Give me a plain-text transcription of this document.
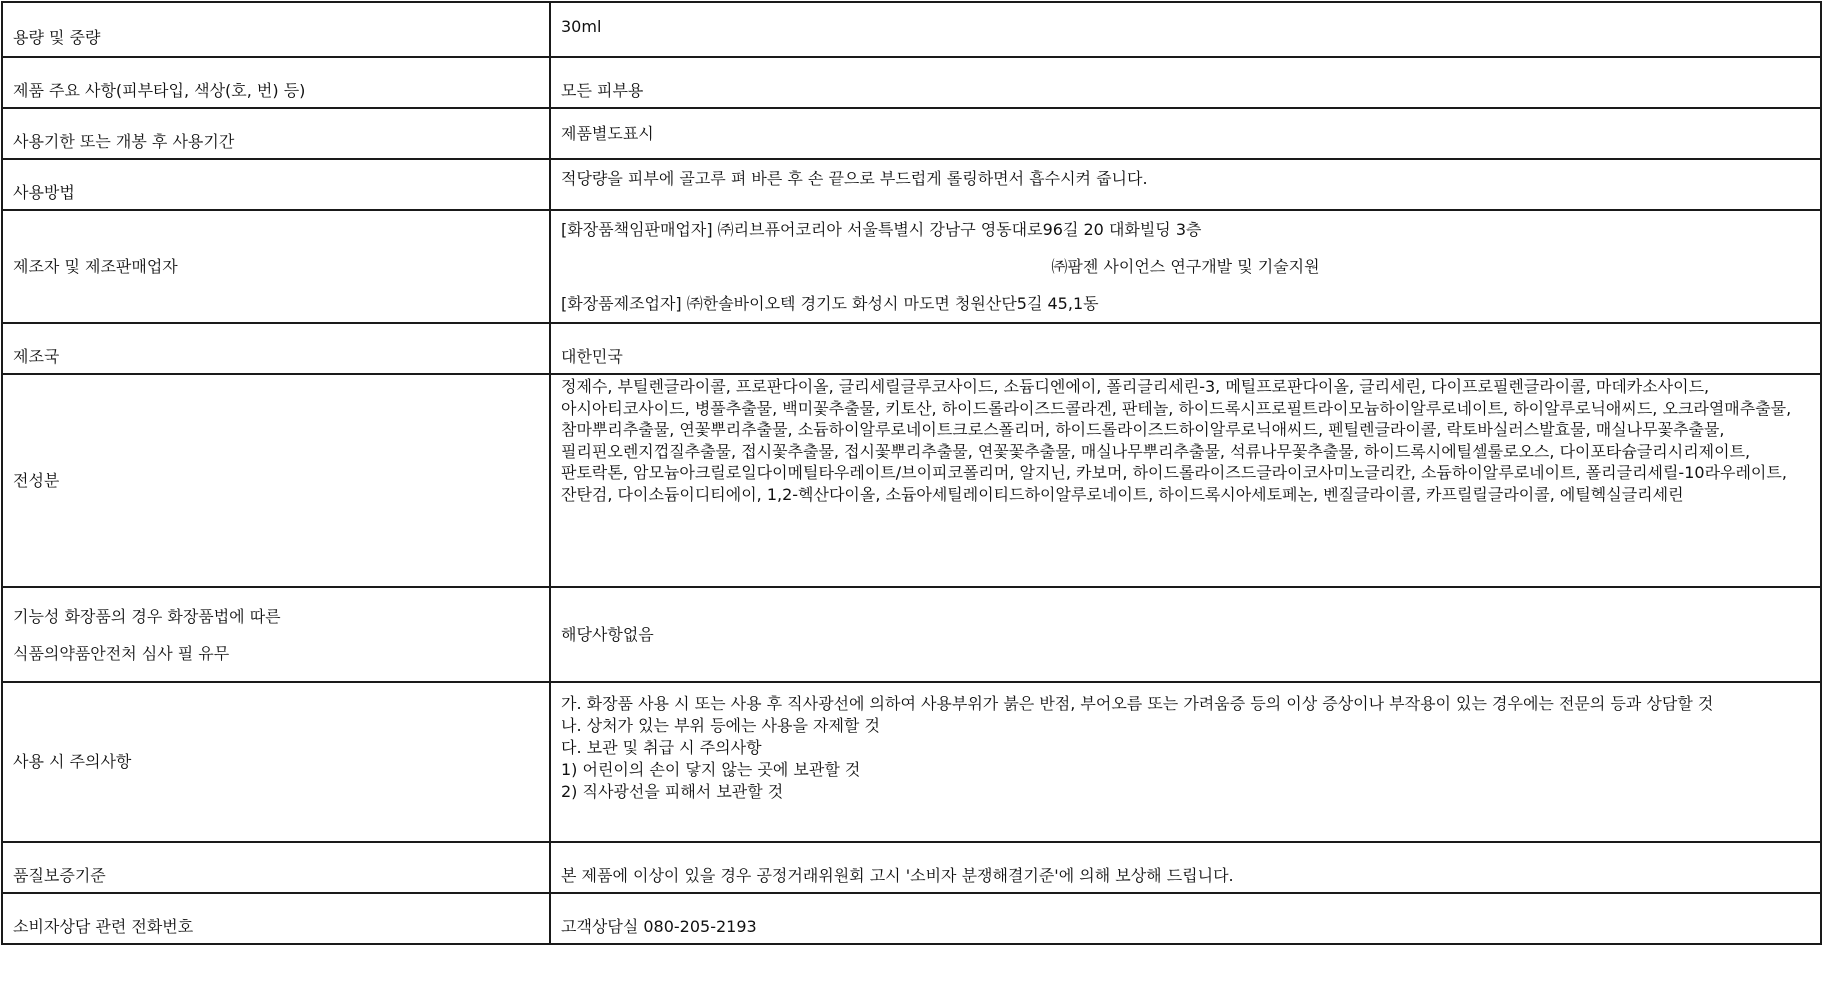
용량 및 중량	30ml

제품 주요 사항(피부타입, 색상(호, 번) 등)	모든 피부용

사용기한 또는 개봉 후 사용기간	제품별도표시

사용방법	적당량을 피부에 골고루 펴 바른 후 손 끝으로 부드럽게 롤링하면서 흡수시켜 줍니다.

제조자 및 제조판매업자	[화장품책임판매업자] ㈜리브퓨어코리아 서울특별시 강남구 영동대로96길 20 대화빌딩 3층
㈜팜젠 사이언스 연구개발 및 기술지원
[화장품제조업자] ㈜한솔바이오텍 경기도 화성시 마도면 청원산단5길 45,1동

제조국	대한민국

전성분	정제수, 부틸렌글라이콜, 프로판다이올, 글리세릴글루코사이드, 소듐디엔에이, 폴리글리세린-3, 메틸프로판다이올, 글리세린, 다이프로필렌글라이콜, 마데카소사이드, 아시아티코사이드, 병풀추출물, 백미꽃추출물, 키토산, 하이드롤라이즈드콜라겐, 판테놀, 하이드록시프로필트라이모늄하이알루로네이트, 하이알루로닉애씨드, 오크라열매추출물, 참마뿌리추출물, 연꽃뿌리추출물, 소듐하이알루로네이트크로스폴리머, 하이드롤라이즈드하이알루로닉애씨드, 펜틸렌글라이콜, 락토바실러스발효물, 매실나무꽃추출물, 필리핀오렌지껍질추출물, 접시꽃추출물, 접시꽃뿌리추출물, 연꽃꽃추출물, 매실나무뿌리추출물, 석류나무꽃추출물, 하이드록시에틸셀룰로오스, 다이포타슘글리시리제이트, 판토락톤, 암모늄아크릴로일다이메틸타우레이트/브이피코폴리머, 알지닌, 카보머, 하이드롤라이즈드글라이코사미노글리칸, 소듐하이알루로네이트, 폴리글리세릴-10라우레이트, 잔탄검, 다이소듐이디티에이, 1,2-헥산다이올, 소듐아세틸레이티드하이알루로네이트, 하이드록시아세토페논, 벤질글라이콜, 카프릴릴글라이콜, 에틸헥실글리세린

기능성 화장품의 경우 화장품법에 따른
식품의약품안전처 심사 필 유무	해당사항없음

사용 시 주의사항	가. 화장품 사용 시 또는 사용 후 직사광선에 의하여 사용부위가 붉은 반점, 부어오름 또는 가려움증 등의 이상 증상이나 부작용이 있는 경우에는 전문의 등과 상담할 것
나. 상처가 있는 부위 등에는 사용을 자제할 것
다. 보관 및 취급 시 주의사항
1) 어린이의 손이 닿지 않는 곳에 보관할 것
2) 직사광선을 피해서 보관할 것

품질보증기준	본 제품에 이상이 있을 경우 공정거래위원회 고시 '소비자 분쟁해결기준'에 의해 보상해 드립니다.

소비자상담 관련 전화번호	고객상담실 080-205-2193
